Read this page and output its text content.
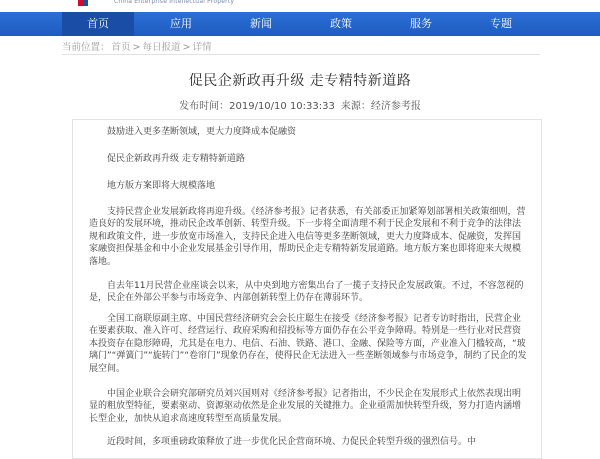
China Enterprise Intellectual Property
首页	应用	新闻	政策	服务	专题
当前位置： 首页 > 每日报道 > 详情
促民企新政再升级 走专精特新道路
发布时间：2019/10/10 10:33:33 来源：经济参考报
鼓励进入更多垄断领域，更大力度降成本促融资
促民企新政再升级 走专精特新道路
地方版方案即将大规模落地
支持民营企业发展新政将再迎升级。《经济参考报》记者获悉，有关部委正加紧筹划部署相关政策细则，营造良好的发展环境，推动民企改革创新、转型升级。下一步将全面清理不利于民企发展和不利于竞争的法律法规和政策文件，进一步放宽市场准入，支持民企进入电信等更多垄断领域，更大力度降成本、促融资，发挥国家融资担保基金和中小企业发展基金引导作用，帮助民企走专精特新发展道路。地方版方案也即将迎来大规模落地。
自去年11月民营企业座谈会以来，从中央到地方密集出台了一揽子支持民企发展政策。不过，不容忽视的是，民企在外部公平参与市场竞争、内部创新转型上仍存在薄弱环节。
全国工商联原副主席、中国民营经济研究会会长庄聪生在接受《经济参考报》记者专访时指出，民营企业在要素获取、准入许可、经营运行、政府采购和招投标等方面仍存在公平竞争障碍。特别是一些行业对民营资本投资存在隐形障碍，尤其是在电力、电信、石油、铁路、港口、金融、保险等方面，产业准入门槛较高，“玻璃门”“弹簧门”“旋转门”“卷帘门”现象仍存在，使得民企无法进入一些垄断领域参与市场竞争，制约了民企的发展空间。
中国企业联合会研究部研究员刘兴国则对《经济参考报》记者指出，不少民企在发展形式上依然表现出明显的粗放型特征，要素驱动、资源驱动依然是企业发展的关键推力。企业亟需加快转型升级，努力打造内涵增长型企业，加快从追求高速度转型至高质量发展。
近段时间，多项重磅政策释放了进一步优化民企营商环境、力促民企转型升级的强烈信号。中
